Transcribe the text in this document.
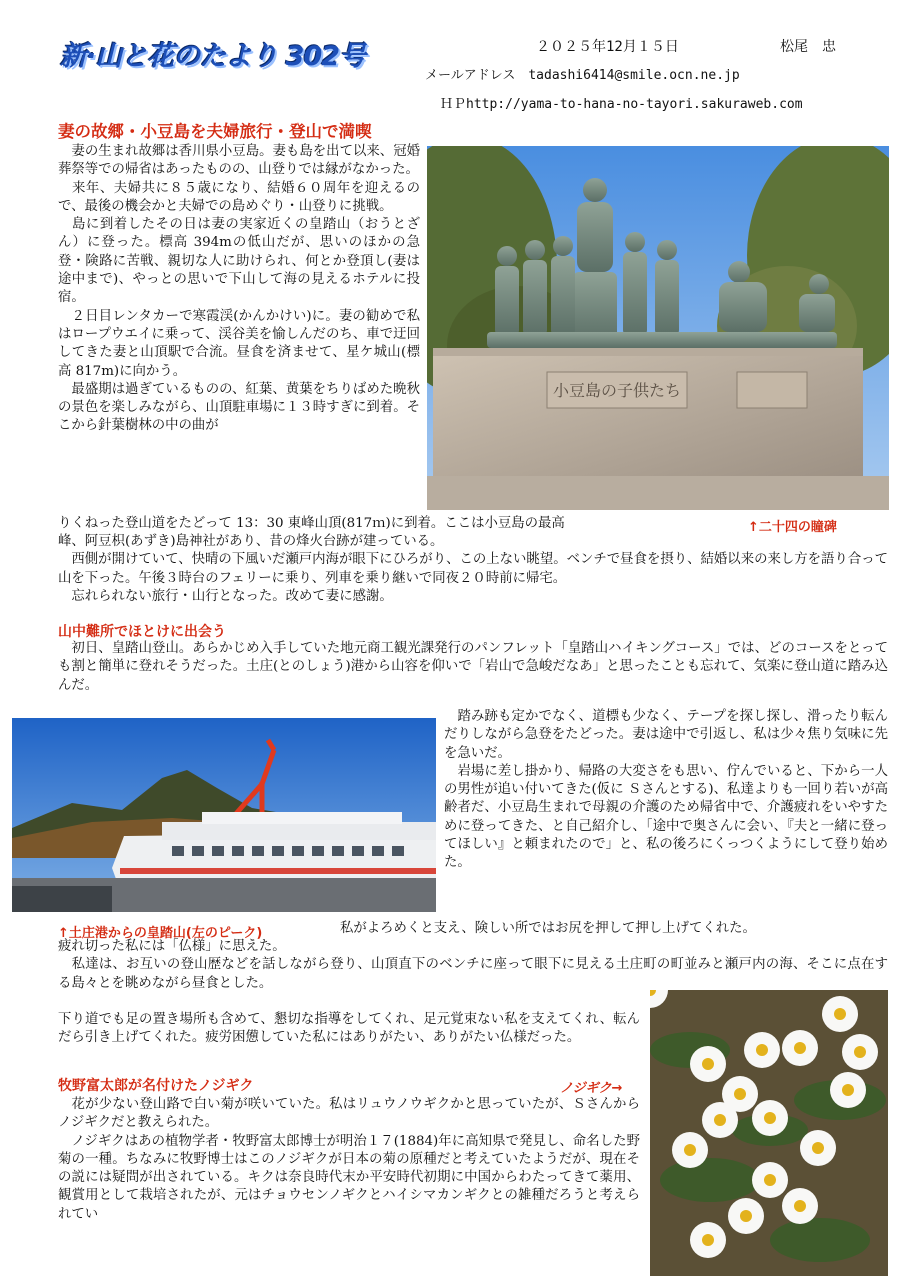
新·山と花のたより 302号	２０２５年12月１５日	松尾　忠
メールアドレス　tadashi6414@smile.ocn.ne.jp
ＨＰhttp://yama-to-hana-no-tayori.sakuraweb.com
妻の故郷・小豆島を夫婦旅行・登山で満喫
　妻の生まれ故郷は香川県小豆島。妻も島を出て以来、冠婚葬祭等での帰省はあったものの、山登りでは縁がなかった。
　来年、夫婦共に８５歳になり、結婚６０周年を迎えるので、最後の機会かと夫婦での島めぐり・山登りに挑戦。
　島に到着したその日は妻の実家近くの皇踏山（おうとざん）に登った。標高 394mの低山だが、思いのほかの急登・険路に苦戦、親切な人に助けられ、何とか登頂し(妻は途中まで)、やっとの思いで下山して海の見えるホテルに投宿。
　２日目レンタカーで寒霞渓(かんかけい)に。妻の勧めで私はロープウエイに乗って、渓谷美を愉しんだのち、車で迂回してきた妻と山頂駅で合流。昼食を済ませて、星ケ城山(標高 817m)に向かう。
　最盛期は過ぎているものの、紅葉、黄葉をちりばめた晩秋の景色を楽しみながら、山頂駐車場に１３時すぎに到着。そこから針葉樹林の中の曲が
小豆島の子供たち
りくねった登山道をたどって 13：30 東峰山頂(817ｍ)に到着。ここは小豆島の最高	↑二十四の瞳碑
峰、阿豆枳(あずき)島神社があり、昔の烽火台跡が建っている。
　西側が開けていて、快晴の下風いだ瀬戸内海が眼下にひろがり、この上ない眺望。ベンチで昼食を摂り、結婚以来の来し方を語り合って山を下った。午後３時台のフェリーに乗り、列車を乗り継いで同夜２０時前に帰宅。
　忘れられない旅行・山行となった。改めて妻に感謝。
山中難所でほとけに出会う
　初日、皇踏山登山。あらかじめ入手していた地元商工観光課発行のパンフレット「皇踏山ハイキングコース」では、どのコースをとっても割と簡単に登れそうだった。土庄(とのしょう)港から山容を仰いで「岩山で急峻だなあ」と思ったことも忘れて、気楽に登山道に踏み込んだ。
　踏み跡も定かでなく、道標も少なく、テープを探し探し、滑ったり転んだりしながら急登をたどった。妻は途中で引返し、私は少々焦り気味に先を急いだ。
　岩場に差し掛かり、帰路の大変さをも思い、佇んでいると、下から一人の男性が追い付いてきた(仮に Ｓさんとする)、私達よりも一回り若いが高齢者だ、小豆島生まれで母親の介護のため帰省中で、介護疲れをいやすために登ってきた、と自己紹介し、「途中で奥さんに会い、『夫と一緒に登ってほしい』と頼まれたので」と、私の後ろにくっつくようにして登り始めた。
↑土庄港からの皇踏山(左のピーク)	私がよろめくと支え、険しい所ではお尻を押して押し上げてくれた。
疲れ切った私には「仏様」に思えた。
　私達は、お互いの登山歴などを話しながら登り、山頂直下のベンチに座って眼下に見える土庄町の町並みと瀬戸内の海、そこに点在する島々とを眺めながら昼食とした。
下り道でも足の置き場所も含めて、懇切な指導をしてくれ、足元覚束ない私を支えてくれ、転んだら引き上げてくれた。疲労困憊していた私にはありがたい、ありがたい仏様だった。
牧野富太郎が名付けたノジギク	ノジギク→
　花が少ない登山路で白い菊が咲いていた。私はリュウノウギクかと思っていたが、Ｓさんからノジギクだと教えられた。
　ノジギクはあの植物学者・牧野富太郎博士が明治１７(1884)年に高知県で発見し、命名した野菊の一種。ちなみに牧野博士はこのノジギクが日本の菊の原種だと考えていたようだが、現在その説には疑問が出されている。キクは奈良時代末か平安時代初期に中国からわたってきて薬用、観賞用として栽培されたが、元はチョウセンノギクとハイシマカンギクとの雑種だろうと考えられてい
